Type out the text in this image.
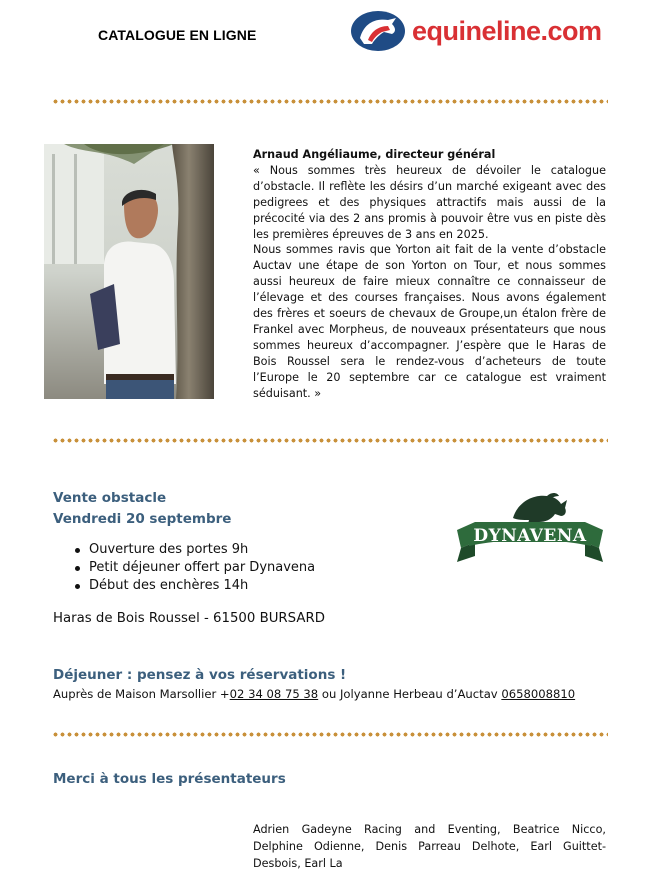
CATALOGUE EN LIGNE	equineline.com

Arnaud Angéliaume, directeur général

« Nous sommes très heureux de dévoiler le catalogue d’obstacle. Il reflète les désirs d’un marché exigeant avec des pedigrees et des physiques attractifs mais aussi de la précocité via des 2 ans promis à pouvoir être vus en piste dès les premières épreuves de 3 ans en 2025.

Nous sommes ravis que Yorton ait fait de la vente d’obstacle Auctav une étape de son Yorton on Tour, et nous sommes aussi heureux de faire mieux connaître ce connaisseur de l’élevage et des courses françaises. Nous avons également des frères et soeurs de chevaux de Groupe,un étalon frère de Frankel avec Morpheus, de nouveaux présentateurs que nous sommes heureux d’accompagner. J’espère que le Haras de Bois Roussel sera le rendez-vous d’acheteurs de toute l’Europe le 20 septembre car ce catalogue est vraiment séduisant. »

Vente obstacle
Vendredi 20 septembre
Ouverture des portes 9h
Petit déjeuner offert par Dynavena
Début des enchères 14h
Haras de Bois Roussel - 61500 BURSARD
DYNAVENA
Déjeuner : pensez à vos réservations !
Auprès de Maison Marsollier +02 34 08 75 38 ou Jolyanne Herbeau d’Auctav 0658008810
Merci à tous les présentateurs
Adrien Gadeyne Racing and Eventing, Beatrice Nicco, Delphine Odienne, Denis Parreau Delhote, Earl Guittet-Desbois, Earl La
